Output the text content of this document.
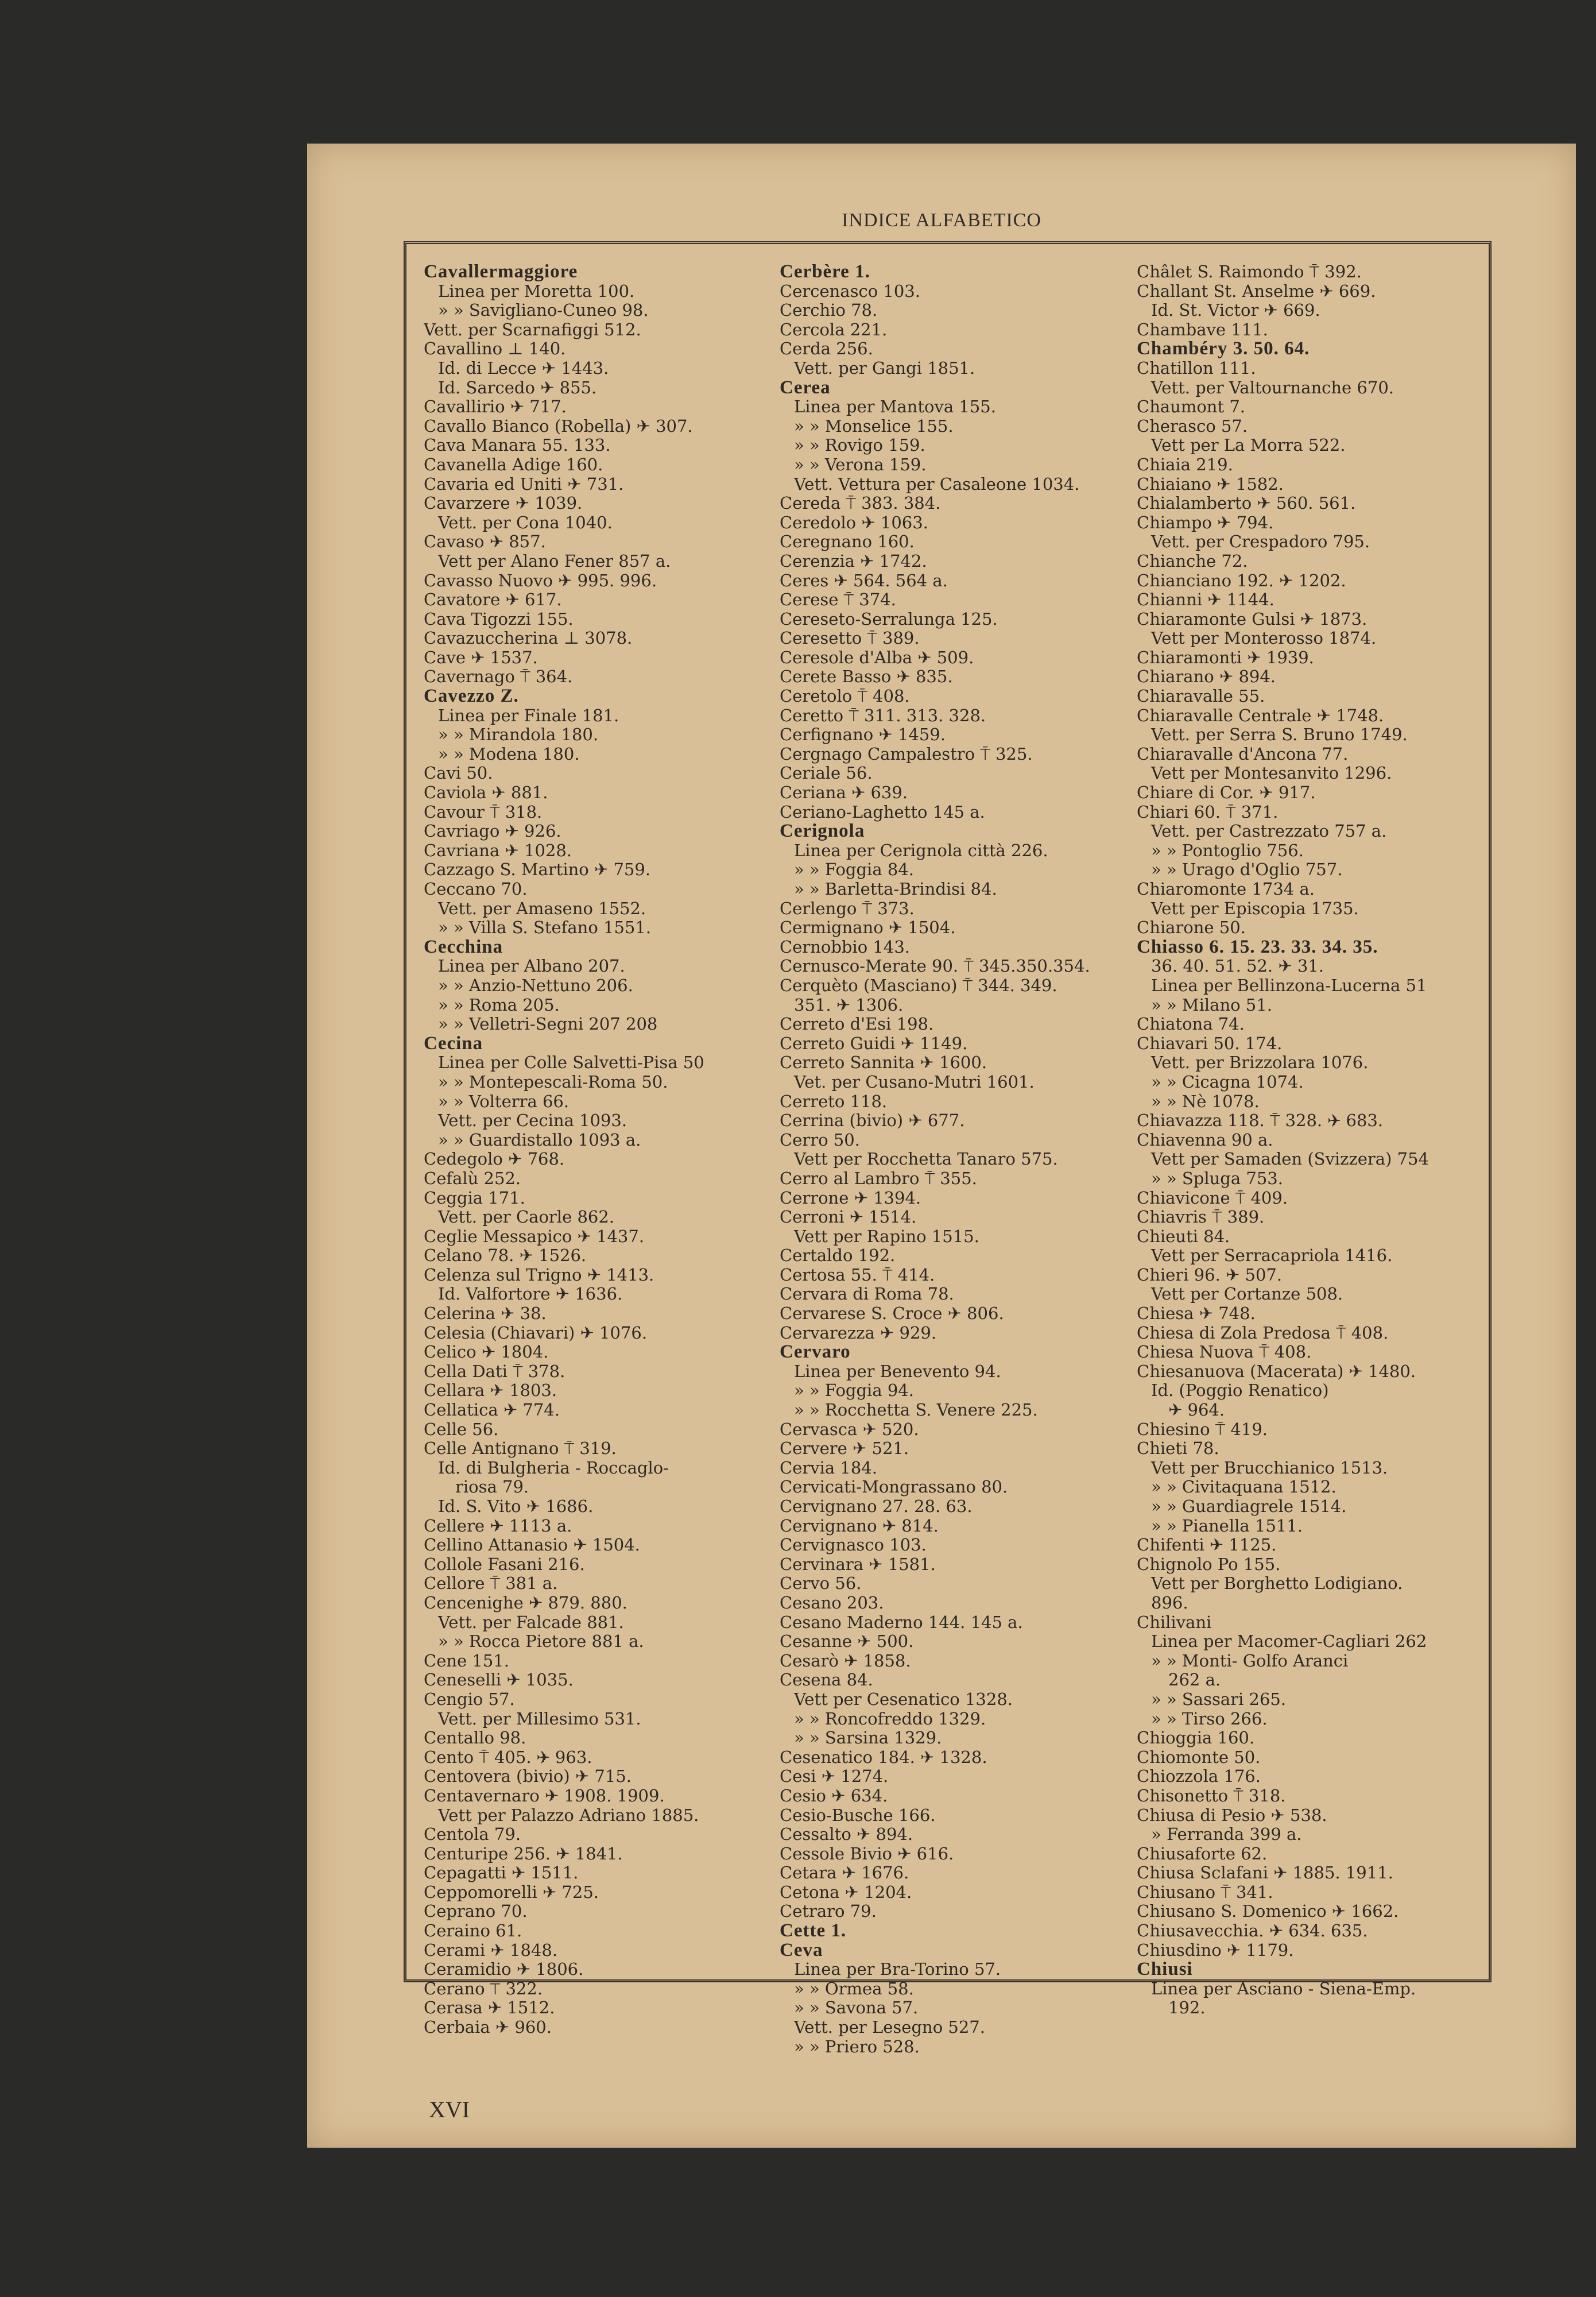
INDICE ALFABETICO
Cavallermaggiore
Linea per Moretta 100.
» » Savigliano-Cuneo 98.
Vett. per Scarnafiggi 512.
Cavallino ⊥ 140.
Id. di Lecce ✈ 1443.
Id. Sarcedo ✈ 855.
Cavallirio ✈ 717.
Cavallo Bianco (Robella) ✈ 307.
Cava Manara 55. 133.
Cavanella Adige 160.
Cavaria ed Uniti ✈ 731.
Cavarzere ✈ 1039.
Vett. per Cona 1040.
Cavaso ✈ 857.
Vett per Alano Fener 857 a.
Cavasso Nuovo ✈ 995. 996.
Cavatore ✈ 617.
Cava Tigozzi 155.
Cavazuccherina ⊥ 3078.
Cave ✈ 1537.
Cavernago ⍑ 364.
Cavezzo Z.
Linea per Finale 181.
» » Mirandola 180.
» » Modena 180.
Cavi 50.
Caviola ✈ 881.
Cavour ⍑ 318.
Cavriago ✈ 926.
Cavriana ✈ 1028.
Cazzago S. Martino ✈ 759.
Ceccano 70.
Vett. per Amaseno 1552.
» » Villa S. Stefano 1551.
Cecchina
Linea per Albano 207.
» » Anzio-Nettuno 206.
» » Roma 205.
» » Velletri-Segni 207 208
Cecina
Linea per Colle Salvetti-Pisa 50
» » Montepescali-Roma 50.
» » Volterra 66.
Vett. per Cecina 1093.
» » Guardistallo 1093 a.
Cedegolo ✈ 768.
Cefalù 252.
Ceggia 171.
Vett. per Caorle 862.
Ceglie Messapico ✈ 1437.
Celano 78. ✈ 1526.
Celenza sul Trigno ✈ 1413.
Id. Valfortore ✈ 1636.
Celerina ✈ 38.
Celesia (Chiavari) ✈ 1076.
Celico ✈ 1804.
Cella Dati ⍑ 378.
Cellara ✈ 1803.
Cellatica ✈ 774.
Celle 56.
Celle Antignano ⍑ 319.
Id. di Bulgheria - Roccaglo-
riosa 79.
Id. S. Vito ✈ 1686.
Cellere ✈ 1113 a.
Cellino Attanasio ✈ 1504.
Collole Fasani 216.
Cellore ⍑ 381 a.
Cencenighe ✈ 879. 880.
Vett. per Falcade 881.
» » Rocca Pietore 881 a.
Cene 151.
Ceneselli ✈ 1035.
Cengio 57.
Vett. per Millesimo 531.
Centallo 98.
Cento ⍑ 405. ✈ 963.
Centovera (bivio) ✈ 715.
Centavernaro ✈ 1908. 1909.
Vett per Palazzo Adriano 1885.
Centola 79.
Centuripe 256. ✈ 1841.
Cepagatti ✈ 1511.
Ceppomorelli ✈ 725.
Ceprano 70.
Ceraino 61.
Cerami ✈ 1848.
Ceramidio ✈ 1806.
Cerano ⍑ 322.
Cerasa ✈ 1512.
Cerbaia ✈ 960.
Cerbère 1.
Cercenasco 103.
Cerchio 78.
Cercola 221.
Cerda 256.
Vett. per Gangi 1851.
Cerea
Linea per Mantova 155.
» » Monselice 155.
» » Rovigo 159.
» » Verona 159.
Vett. Vettura per Casaleone 1034.
Cereda ⍑ 383. 384.
Ceredolo ✈ 1063.
Ceregnano 160.
Cerenzia ✈ 1742.
Ceres ✈ 564. 564 a.
Cerese ⍑ 374.
Cereseto-Serralunga 125.
Ceresetto ⍑ 389.
Ceresole d'Alba ✈ 509.
Cerete Basso ✈ 835.
Ceretolo ⍑ 408.
Ceretto ⍑ 311. 313. 328.
Cerfignano ✈ 1459.
Cergnago Campalestro ⍑ 325.
Ceriale 56.
Ceriana ✈ 639.
Ceriano-Laghetto 145 a.
Cerignola
Linea per Cerignola città 226.
» » Foggia 84.
» » Barletta-Brindisi 84.
Cerlengo ⍑ 373.
Cermignano ✈ 1504.
Cernobbio 143.
Cernusco-Merate 90. ⍑ 345.350.354.
Cerquèto (Masciano) ⍑ 344. 349.
351. ✈ 1306.
Cerreto d'Esi 198.
Cerreto Guidi ✈ 1149.
Cerreto Sannita ✈ 1600.
Vet. per Cusano-Mutri 1601.
Cerreto 118.
Cerrina (bivio) ✈ 677.
Cerro 50.
Vett per Rocchetta Tanaro 575.
Cerro al Lambro ⍑ 355.
Cerrone ✈ 1394.
Cerroni ✈ 1514.
Vett per Rapino 1515.
Certaldo 192.
Certosa 55. ⍑ 414.
Cervara di Roma 78.
Cervarese S. Croce ✈ 806.
Cervarezza ✈ 929.
Cervaro
Linea per Benevento 94.
» » Foggia 94.
» » Rocchetta S. Venere 225.
Cervasca ✈ 520.
Cervere ✈ 521.
Cervia 184.
Cervicati-Mongrassano 80.
Cervignano 27. 28. 63.
Cervignano ✈ 814.
Cervignasco 103.
Cervinara ✈ 1581.
Cervo 56.
Cesano 203.
Cesano Maderno 144. 145 a.
Cesanne ✈ 500.
Cesarò ✈ 1858.
Cesena 84.
Vett per Cesenatico 1328.
» » Roncofreddo 1329.
» » Sarsina 1329.
Cesenatico 184. ✈ 1328.
Cesi ✈ 1274.
Cesio ✈ 634.
Cesio-Busche 166.
Cessalto ✈ 894.
Cessole Bivio ✈ 616.
Cetara ✈ 1676.
Cetona ✈ 1204.
Cetraro 79.
Cette 1.
Ceva
Linea per Bra-Torino 57.
» » Ormea 58.
» » Savona 57.
Vett. per Lesegno 527.
» » Priero 528.
Châlet S. Raimondo ⍑ 392.
Challant St. Anselme ✈ 669.
Id. St. Victor ✈ 669.
Chambave 111.
Chambéry 3. 50. 64.
Chatillon 111.
Vett. per Valtournanche 670.
Chaumont 7.
Cherasco 57.
Vett per La Morra 522.
Chiaia 219.
Chiaiano ✈ 1582.
Chialamberto ✈ 560. 561.
Chiampo ✈ 794.
Vett. per Crespadoro 795.
Chianche 72.
Chianciano 192. ✈ 1202.
Chianni ✈ 1144.
Chiaramonte Gulsi ✈ 1873.
Vett per Monterosso 1874.
Chiaramonti ✈ 1939.
Chiarano ✈ 894.
Chiaravalle 55.
Chiaravalle Centrale ✈ 1748.
Vett. per Serra S. Bruno 1749.
Chiaravalle d'Ancona 77.
Vett per Montesanvito 1296.
Chiare di Cor. ✈ 917.
Chiari 60. ⍑ 371.
Vett. per Castrezzato 757 a.
» » Pontoglio 756.
» » Urago d'Oglio 757.
Chiaromonte 1734 a.
Vett per Episcopia 1735.
Chiarone 50.
Chiasso 6. 15. 23. 33. 34. 35.
36. 40. 51. 52. ✈ 31.
Linea per Bellinzona-Lucerna 51
» » Milano 51.
Chiatona 74.
Chiavari 50. 174.
Vett. per Brizzolara 1076.
» » Cicagna 1074.
» » Nè 1078.
Chiavazza 118. ⍑ 328. ✈ 683.
Chiavenna 90 a.
Vett per Samaden (Svizzera) 754
» » Spluga 753.
Chiavicone ⍑ 409.
Chiavris ⍑ 389.
Chieuti 84.
Vett per Serracapriola 1416.
Chieri 96. ✈ 507.
Vett per Cortanze 508.
Chiesa ✈ 748.
Chiesa di Zola Predosa ⍑ 408.
Chiesa Nuova ⍑ 408.
Chiesanuova (Macerata) ✈ 1480.
Id. (Poggio Renatico)
✈ 964.
Chiesino ⍑ 419.
Chieti 78.
Vett per Brucchianico 1513.
» » Civitaquana 1512.
» » Guardiagrele 1514.
» » Pianella 1511.
Chifenti ✈ 1125.
Chignolo Po 155.
Vett per Borghetto Lodigiano.
896.
Chilivani
Linea per Macomer-Cagliari 262
» » Monti- Golfo Aranci
262 a.
» » Sassari 265.
» » Tirso 266.
Chioggia 160.
Chiomonte 50.
Chiozzola 176.
Chisonetto ⍑ 318.
Chiusa di Pesio ✈ 538.
» Ferranda 399 a.
Chiusaforte 62.
Chiusa Sclafani ✈ 1885. 1911.
Chiusano ⍑ 341.
Chiusano S. Domenico ✈ 1662.
Chiusavecchia. ✈ 634. 635.
Chiusdino ✈ 1179.
Chiusi
Linea per Asciano - Siena-Emp.
192.
XVI
